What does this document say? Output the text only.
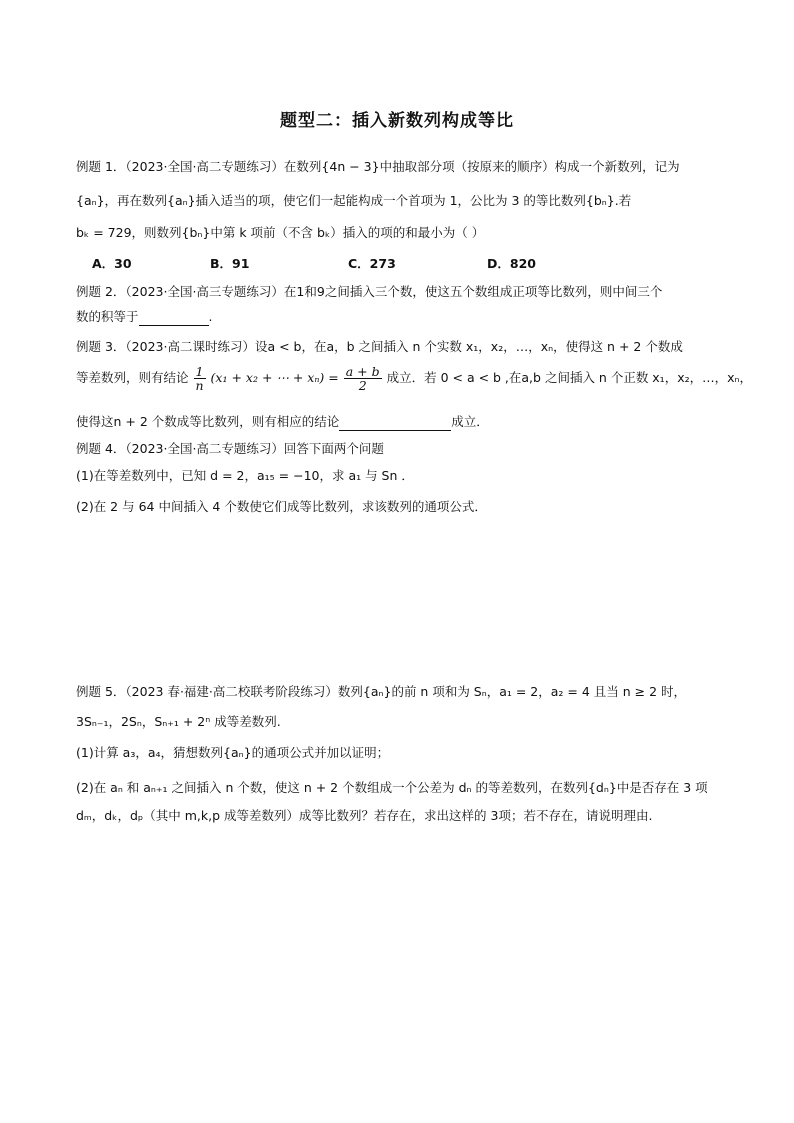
题型二：插入新数列构成等比
例题 1．（2023·全国·高二专题练习）在数列{4n − 3}中抽取部分项（按原来的顺序）构成一个新数列，记为
{aₙ}，再在数列{aₙ}插入适当的项，使它们一起能构成一个首项为 1，公比为 3 的等比数列{bₙ}.若
bₖ = 729，则数列{bₙ}中第 k 项前（不含 bₖ）插入的项的和最小为（ ）
A．30	B．91	C．273	D．820
例题 2．（2023·全国·高三专题练习）在1和9之间插入三个数，使这五个数组成正项等比数列，则中间三个
数的积等于	.
例题 3．（2023·高二课时练习）设a < b，在a，b 之间插入 n 个实数 x₁，x₂，…，xₙ，使得这 n + 2 个数成
等差数列，则有结论 $\frac{1}{n} (x_1 + x_2$ + ⋯ + $x_n) = \frac{a + b}{2}$ 成立．若 0 < a < b ,在a,b 之间插入 n 个正数 x₁，x₂，…，xₙ，
使得这n + 2 个数成等比数列，则有相应的结论	成立．
例题 4．（2023·全国·高二专题练习）回答下面两个问题
(1)在等差数列中，已知 d = 2，a₁₅ = −10，求 a₁ 与 Sn ．
(2)在 2 与 64 中间插入 4 个数使它们成等比数列，求该数列的通项公式．
例题 5．（2023 春·福建·高二校联考阶段练习）数列{aₙ}的前 n 项和为 Sₙ，a₁ = 2，a₂ = 4 且当 n ≥ 2 时，
3Sₙ₋₁，2Sₙ，Sₙ₊₁ + 2ⁿ 成等差数列.
(1)计算 a₃，a₄，猜想数列{aₙ}的通项公式并加以证明；
(2)在 aₙ 和 aₙ₊₁ 之间插入 n 个数，使这 n + 2 个数组成一个公差为 dₙ 的等差数列，在数列{dₙ}中是否存在 3 项
dₘ，dₖ，dₚ（其中 m,k,p 成等差数列）成等比数列？若存在，求出这样的 3项；若不存在，请说明理由.
